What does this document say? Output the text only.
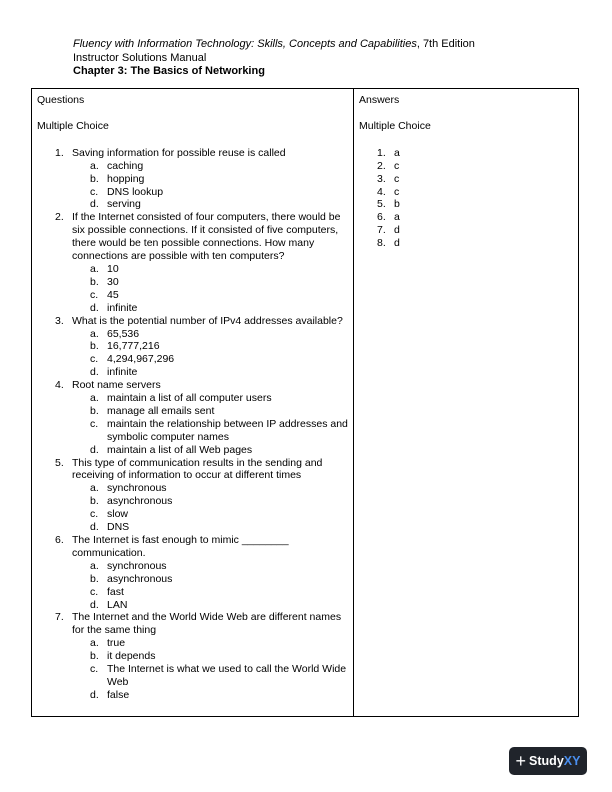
Fluency with Information Technology: Skills, Concepts and Capabilities, 7th Edition
Instructor Solutions Manual
Chapter 3: The Basics of Networking
Questions
Multiple Choice
1. Saving information for possible reuse is called
a. caching
b. hopping
c. DNS lookup
d. serving
2. If the Internet consisted of four computers, there would be six possible connections. If it consisted of five computers, there would be ten possible connections. How many connections are possible with ten computers?
a. 10
b. 30
c. 45
d. infinite
3. What is the potential number of IPv4 addresses available?
a. 65,536
b. 16,777,216
c. 4,294,967,296
d. infinite
4. Root name servers
a. maintain a list of all computer users
b. manage all emails sent
c. maintain the relationship between IP addresses and symbolic computer names
d. maintain a list of all Web pages
5. This type of communication results in the sending and receiving of information to occur at different times
a. synchronous
b. asynchronous
c. slow
d. DNS
6. The Internet is fast enough to mimic ________ communication.
a. synchronous
b. asynchronous
c. fast
d. LAN
7. The Internet and the World Wide Web are different names for the same thing
a. true
b. it depends
c. The Internet is what we used to call the World Wide Web
d. false
Answers
Multiple Choice
1. a
2. c
3. c
4. c
5. b
6. a
7. d
8. d
+ Study XY
